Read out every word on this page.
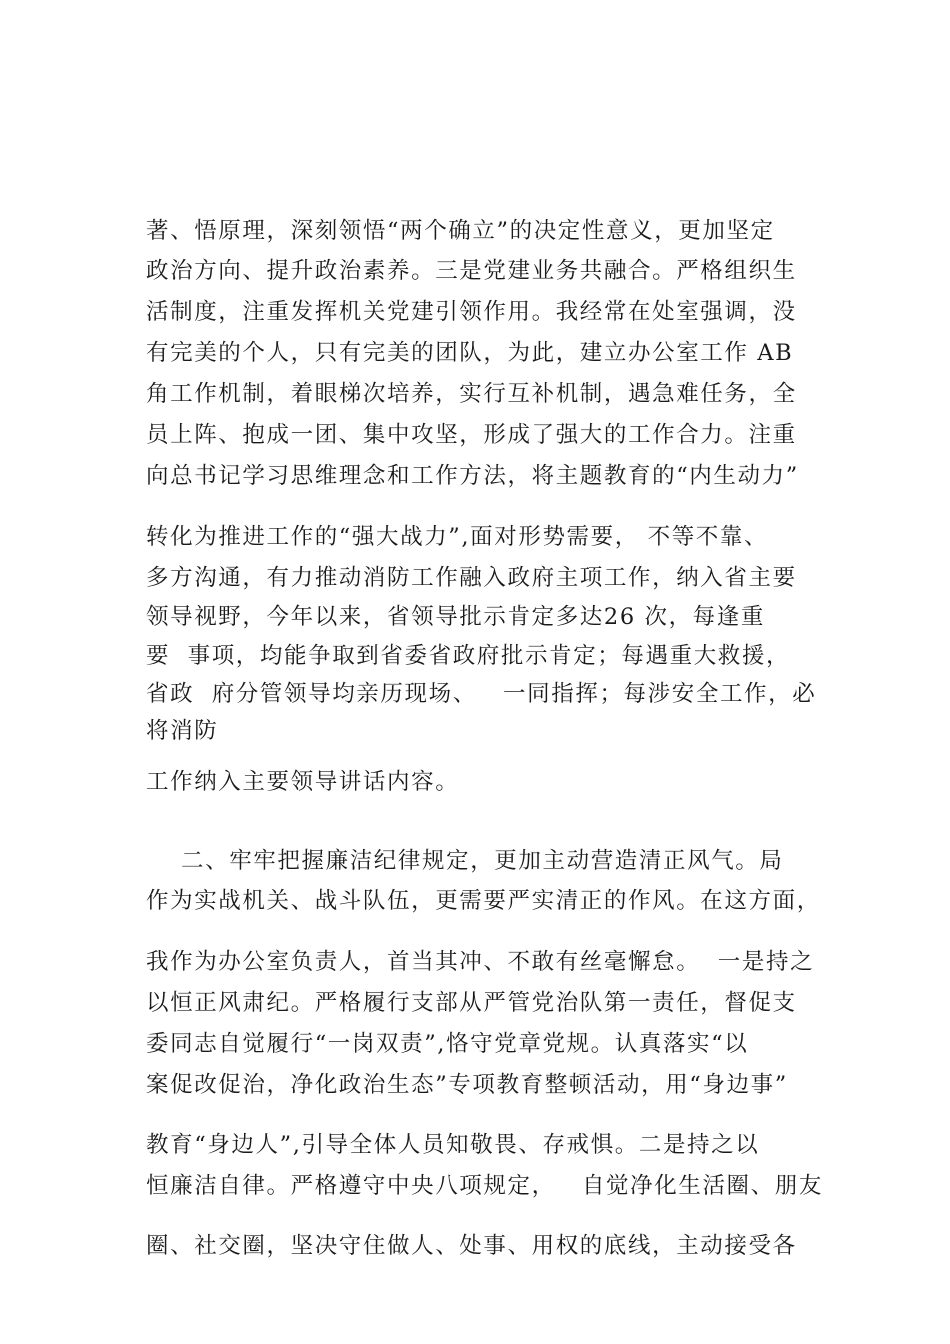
著、悟原理，深刻领悟“两个确立”的决定性意义，更加坚定
政治方向、提升政治素养。三是党建业务共融合。严格组织生
活制度，注重发挥机关党建引领作用。我经常在处室强调，没
有完美的个人，只有完美的团队，为此，建立办公室工作 AB
角工作机制，着眼梯次培养，实行互补机制，遇急难任务，全
员上阵、抱成一团、集中攻坚，形成了强大的工作合力。注重
向总书记学习思维理念和工作方法，将主题教育的“内生动力”
转化为推进工作的“强大战力”,面对形势需要， 不等不靠、
多方沟通，有力推动消防工作融入政府主项工作，纳入省主要
领导视野，今年以来，省领导批示肯定多达26 次，每逢重
要  事项，均能争取到省委省政府批示肯定；每遇重大救援，
省政  府分管领导均亲历现场、   一同指挥；每涉安全工作，必
将消防
工作纳入主要领导讲话内容。
二、牢牢把握廉洁纪律规定，更加主动营造清正风气。局
作为实战机关、战斗队伍，更需要严实清正的作风。在这方面，
我作为办公室负责人，首当其冲、不敢有丝毫懈怠。  一是持之
以恒正风肃纪。严格履行支部从严管党治队第一责任，督促支
委同志自觉履行“一岗双责”,恪守党章党规。认真落实“以
案促改促治，净化政治生态”专项教育整顿活动，用“身边事”
教育“身边人”,引导全体人员知敬畏、存戒惧。二是持之以
恒廉洁自律。严格遵守中央八项规定，   自觉净化生活圈、朋友
圈、社交圈，坚决守住做人、处事、用权的底线，主动接受各
